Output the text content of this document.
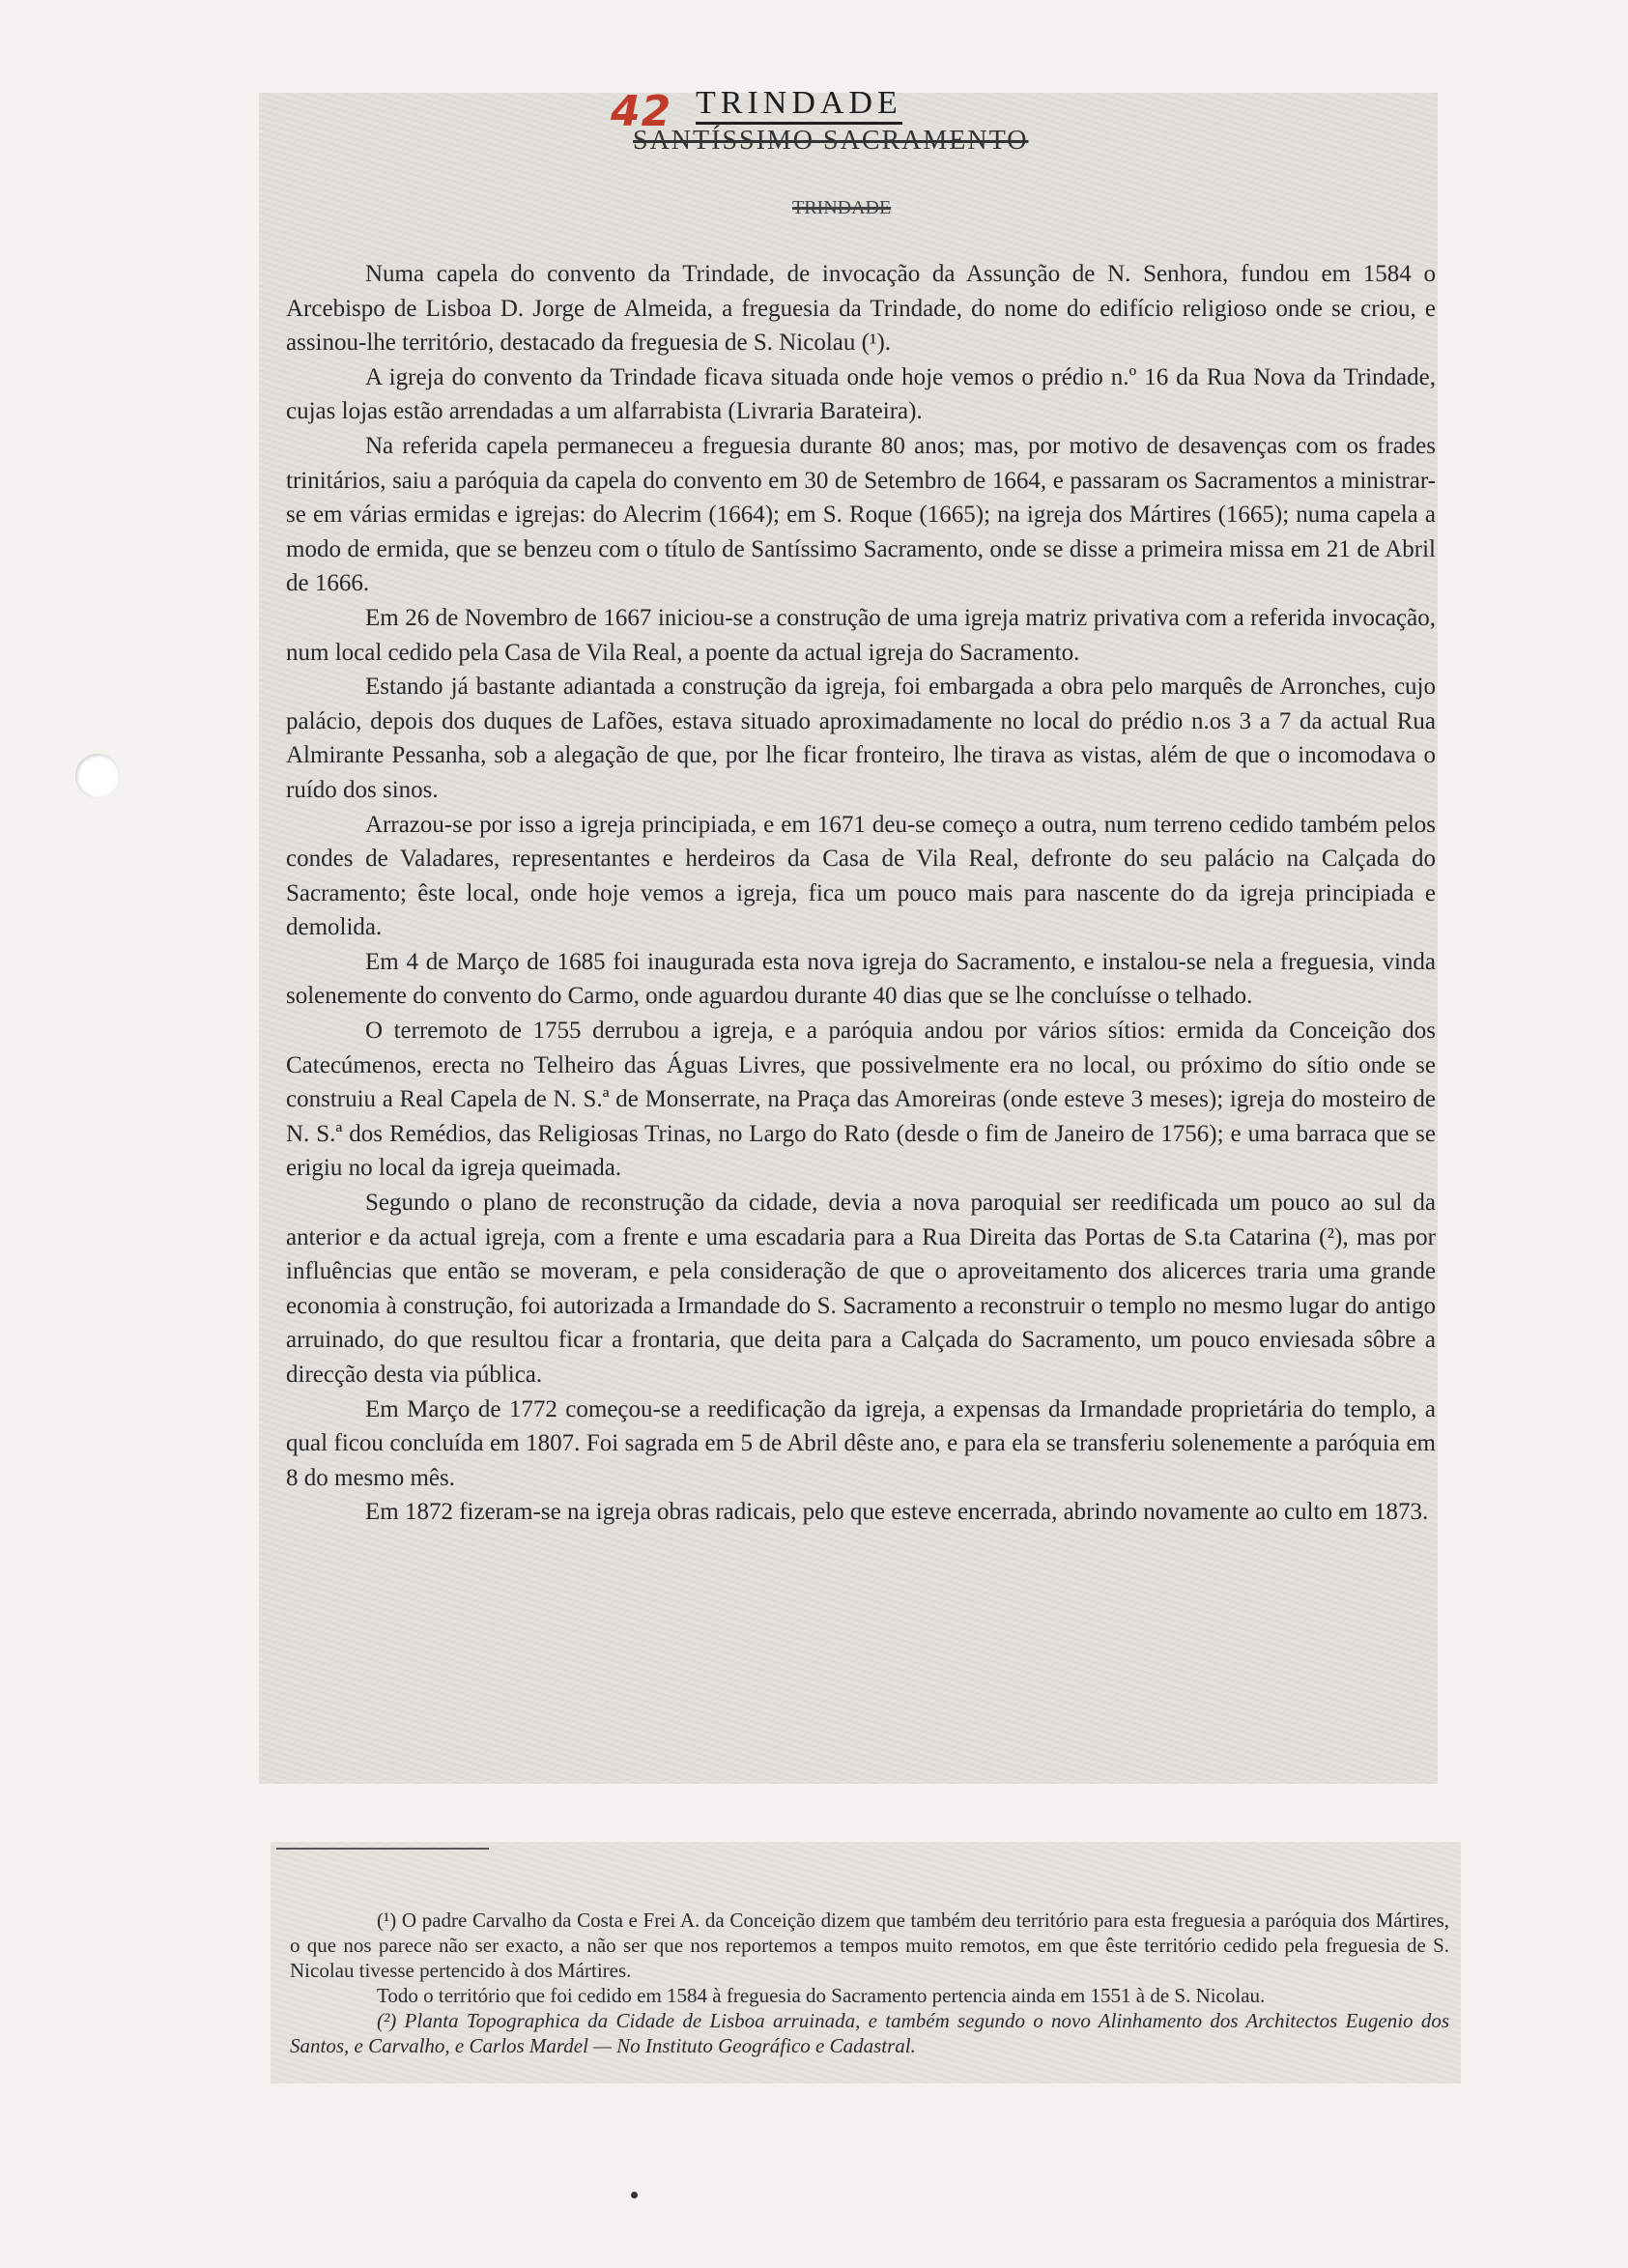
42 TRINDADE
SANTÍSSIMO SACRAMENTO
TRINDADE

Numa capela do convento da Trindade, de invocação da Assunção de N. Senhora, fundou em 1584 o Arcebispo de Lisboa D. Jorge de Almeida, a freguesia da Trindade, do nome do edifício religioso onde se criou, e assinou-lhe território, destacado da freguesia de S. Nicolau (¹).

A igreja do convento da Trindade ficava situada onde hoje vemos o prédio n.º 16 da Rua Nova da Trindade, cujas lojas estão arrendadas a um alfarrabista (Livraria Barateira).

Na referida capela permaneceu a freguesia durante 80 anos; mas, por motivo de desavenças com os frades trinitários, saiu a paróquia da capela do convento em 30 de Setembro de 1664, e passaram os Sacramentos a ministrar-se em várias ermidas e igrejas: do Alecrim (1664); em S. Roque (1665); na igreja dos Mártires (1665); numa capela a modo de ermida, que se benzeu com o título de Santíssimo Sacramento, onde se disse a primeira missa em 21 de Abril de 1666.

Em 26 de Novembro de 1667 iniciou-se a construção de uma igreja matriz privativa com a referida invocação, num local cedido pela Casa de Vila Real, a poente da actual igreja do Sacramento.

Estando já bastante adiantada a construção da igreja, foi embargada a obra pelo marquês de Arronches, cujo palácio, depois dos duques de Lafões, estava situado aproximadamente no local do prédio n.os 3 a 7 da actual Rua Almirante Pessanha, sob a alegação de que, por lhe ficar fronteiro, lhe tirava as vistas, além de que o incomodava o ruído dos sinos.

Arrazou-se por isso a igreja principiada, e em 1671 deu-se começo a outra, num terreno cedido também pelos condes de Valadares, representantes e herdeiros da Casa de Vila Real, defronte do seu palácio na Calçada do Sacramento; êste local, onde hoje vemos a igreja, fica um pouco mais para nascente do da igreja principiada e demolida.

Em 4 de Março de 1685 foi inaugurada esta nova igreja do Sacramento, e instalou-se nela a freguesia, vinda solenemente do convento do Carmo, onde aguardou durante 40 dias que se lhe concluísse o telhado.

O terremoto de 1755 derrubou a igreja, e a paróquia andou por vários sítios: ermida da Conceição dos Catecúmenos, erecta no Telheiro das Águas Livres, que possivelmente era no local, ou próximo do sítio onde se construiu a Real Capela de N. S.ª de Monserrate, na Praça das Amoreiras (onde esteve 3 meses); igreja do mosteiro de N. S.ª dos Remédios, das Religiosas Trinas, no Largo do Rato (desde o fim de Janeiro de 1756); e uma barraca que se erigiu no local da igreja queimada.

Segundo o plano de reconstrução da cidade, devia a nova paroquial ser reedificada um pouco ao sul da anterior e da actual igreja, com a frente e uma escadaria para a Rua Direita das Portas de S.ta Catarina (²), mas por influências que então se moveram, e pela consideração de que o aproveitamento dos alicerces traria uma grande economia à construção, foi autorizada a Irmandade do S. Sacramento a reconstruir o templo no mesmo lugar do antigo arruinado, do que resultou ficar a frontaria, que deita para a Calçada do Sacramento, um pouco enviesada sôbre a direcção desta via pública.

Em Março de 1772 começou-se a reedificação da igreja, a expensas da Irmandade proprietária do templo, a qual ficou concluída em 1807. Foi sagrada em 5 de Abril dêste ano, e para ela se transferiu solenemente a paróquia em 8 do mesmo mês.

Em 1872 fizeram-se na igreja obras radicais, pelo que esteve encerrada, abrindo novamente ao culto em 1873.

(¹) O padre Carvalho da Costa e Frei A. da Conceição dizem que também deu território para esta freguesia a paróquia dos Mártires, o que nos parece não ser exacto, a não ser que nos reportemos a tempos muito remotos, em que êste território cedido pela freguesia de S. Nicolau tivesse pertencido à dos Mártires.

Todo o território que foi cedido em 1584 à freguesia do Sacramento pertencia ainda em 1551 à de S. Nicolau.

(²) Planta Topographica da Cidade de Lisboa arruinada, e também segundo o novo Alinhamento dos Architectos Eugenio dos Santos, e Carvalho, e Carlos Mardel — No Instituto Geográfico e Cadastral.
